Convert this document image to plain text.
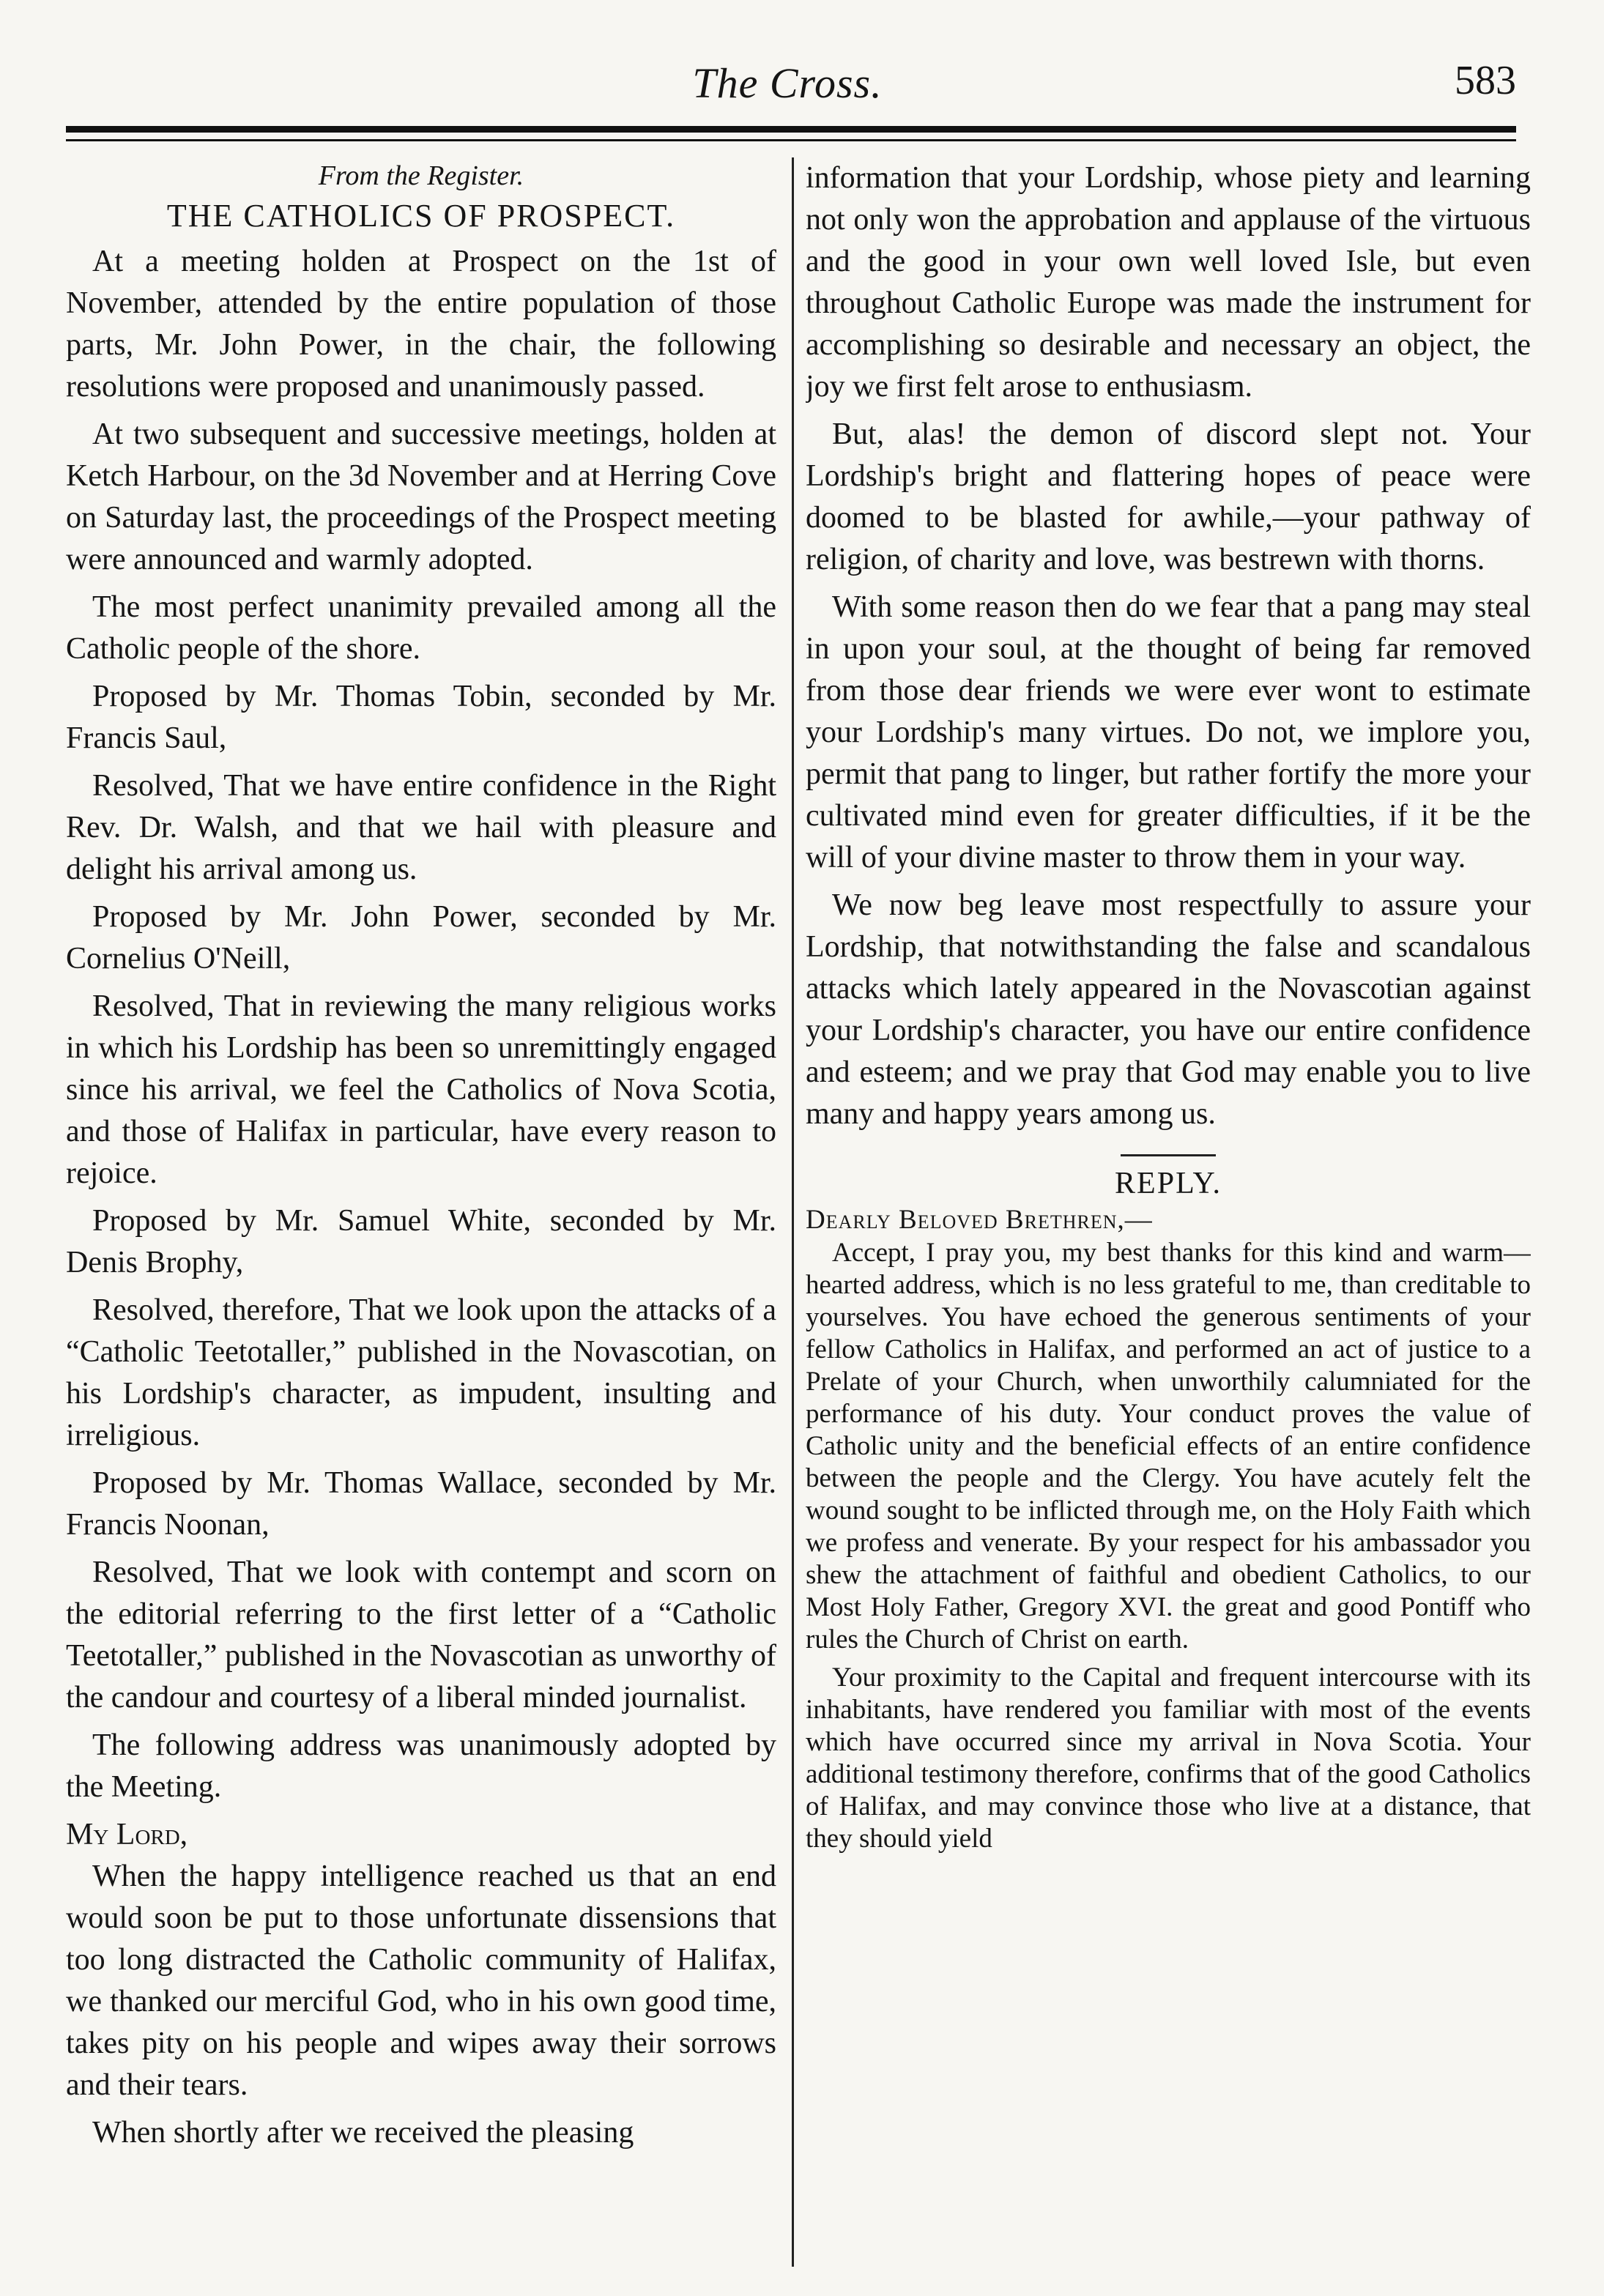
The Cross.	583

From the Register.

THE CATHOLICS OF PROSPECT.

At a meeting holden at Prospect on the 1st of November, attended by the entire population of those parts, Mr. John Power, in the chair, the following resolutions were proposed and unanimously passed.

At two subsequent and successive meetings, holden at Ketch Harbour, on the 3d November and at Herring Cove on Saturday last, the proceedings of the Prospect meeting were announced and warmly adopted.

The most perfect unanimity prevailed among all the Catholic people of the shore.

Proposed by Mr. Thomas Tobin, seconded by Mr. Francis Saul,

Resolved, That we have entire confidence in the Right Rev. Dr. Walsh, and that we hail with pleasure and delight his arrival among us.

Proposed by Mr. John Power, seconded by Mr. Cornelius O'Neill,

Resolved, That in reviewing the many religious works in which his Lordship has been so unremittingly engaged since his arrival, we feel the Catholics of Nova Scotia, and those of Halifax in particular, have every reason to rejoice.

Proposed by Mr. Samuel White, seconded by Mr. Denis Brophy,

Resolved, therefore, That we look upon the attacks of a “Catholic Teetotaller,” published in the Novascotian, on his Lordship's character, as impudent, insulting and irreligious.

Proposed by Mr. Thomas Wallace, seconded by Mr. Francis Noonan,

Resolved, That we look with contempt and scorn on the editorial referring to the first letter of a “Catholic Teetotaller,” published in the Novascotian as unworthy of the candour and courtesy of a liberal minded journalist.

The following address was unanimously adopted by the Meeting.

My Lord,

When the happy intelligence reached us that an end would soon be put to those unfortunate dissensions that too long distracted the Catholic community of Halifax, we thanked our merciful God, who in his own good time, takes pity on his people and wipes away their sorrows and their tears.

When shortly after we received the pleasing

information that your Lordship, whose piety and learning not only won the approbation and applause of the virtuous and the good in your own well loved Isle, but even throughout Catholic Europe was made the instrument for accomplishing so desirable and necessary an object, the joy we first felt arose to enthusiasm.

But, alas! the demon of discord slept not. Your Lordship's bright and flattering hopes of peace were doomed to be blasted for awhile,—your pathway of religion, of charity and love, was bestrewn with thorns.

With some reason then do we fear that a pang may steal in upon your soul, at the thought of being far removed from those dear friends we were ever wont to estimate your Lordship's many virtues. Do not, we implore you, permit that pang to linger, but rather fortify the more your cultivated mind even for greater difficulties, if it be the will of your divine master to throw them in your way.

We now beg leave most respectfully to assure your Lordship, that notwithstanding the false and scandalous attacks which lately appeared in the Novascotian against your Lordship's character, you have our entire confidence and esteem; and we pray that God may enable you to live many and happy years among us.

REPLY.

Dearly Beloved Brethren,—

Accept, I pray you, my best thanks for this kind and warm—hearted address, which is no less grateful to me, than creditable to yourselves. You have echoed the generous sentiments of your fellow Catholics in Halifax, and performed an act of justice to a Prelate of your Church, when unworthily calumniated for the performance of his duty. Your conduct proves the value of Catholic unity and the beneficial effects of an entire confidence between the people and the Clergy. You have acutely felt the wound sought to be inflicted through me, on the Holy Faith which we profess and venerate. By your respect for his ambassador you shew the attachment of faithful and obedient Catholics, to our Most Holy Father, Gregory XVI. the great and good Pontiff who rules the Church of Christ on earth.

Your proximity to the Capital and frequent intercourse with its inhabitants, have rendered you familiar with most of the events which have occurred since my arrival in Nova Scotia. Your additional testimony therefore, confirms that of the good Catholics of Halifax, and may convince those who live at a distance, that they should yield
